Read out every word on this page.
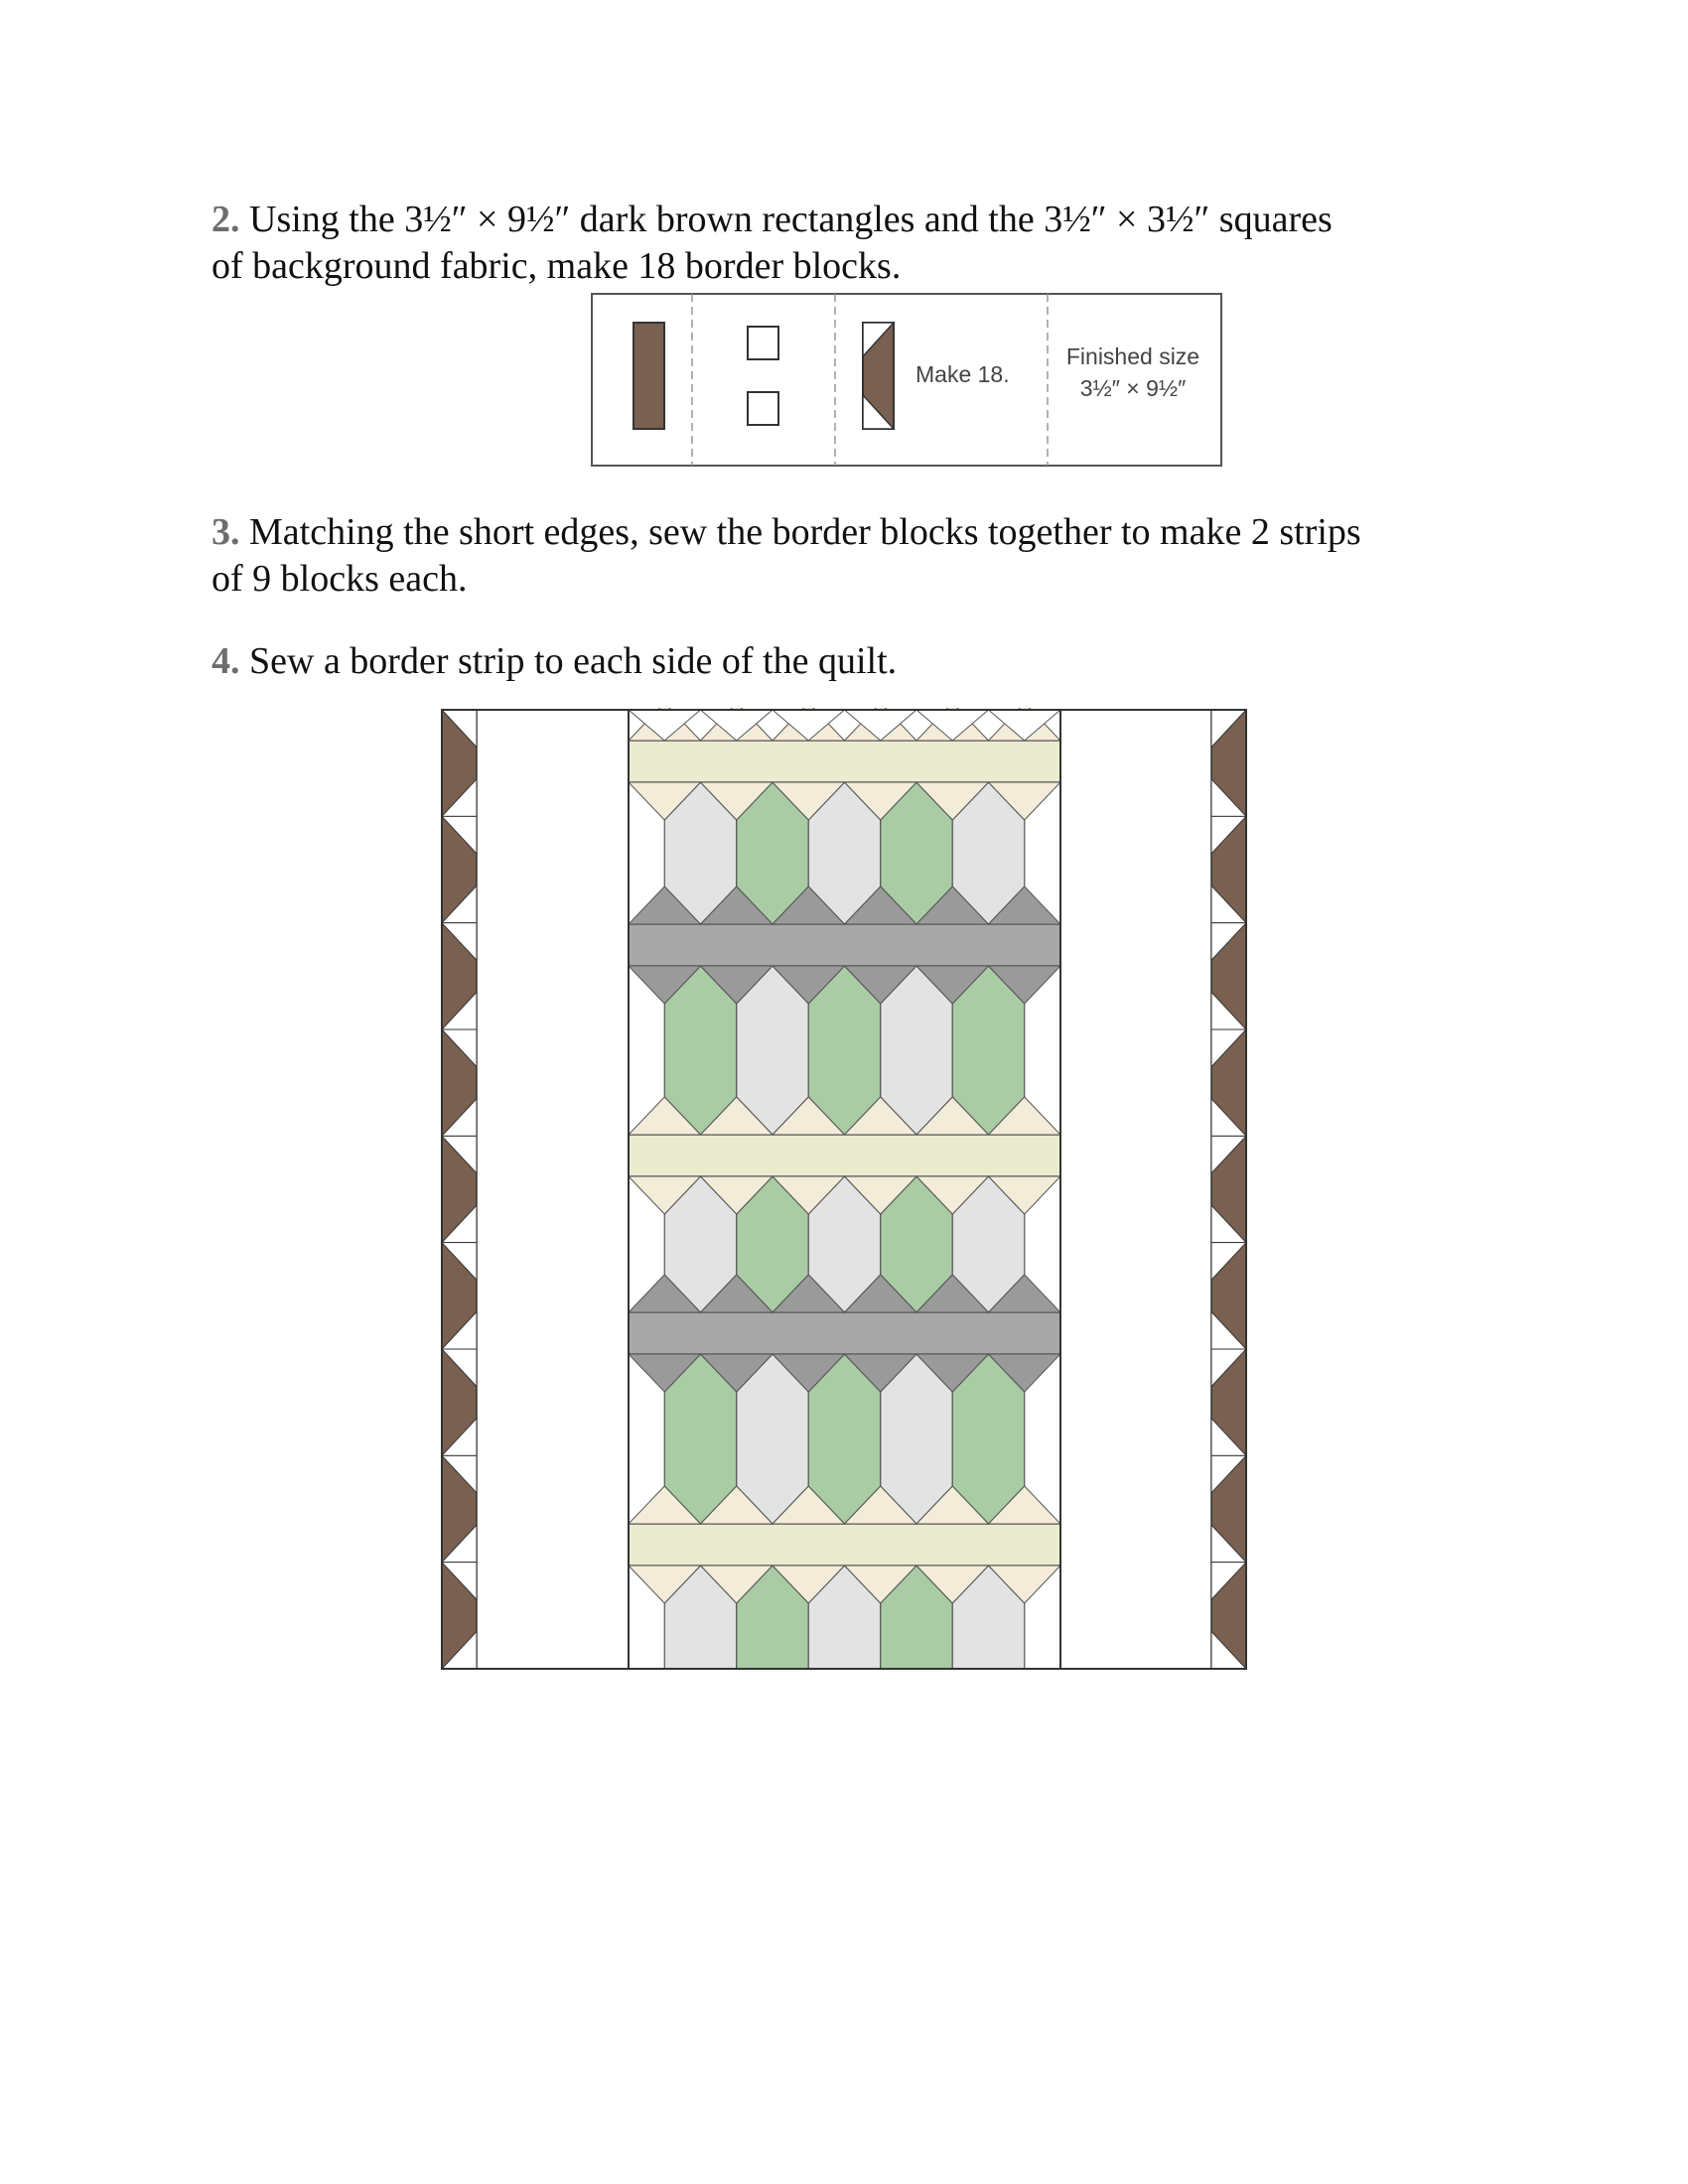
2. Using the 3½″ × 9½″ dark brown rectangles and the 3½″ × 3½″ squares
of background fabric, make 18 border blocks.

Make 18.
Finished size
3½″ × 9½″

3. Matching the short edges, sew the border blocks together to make 2 strips
of 9 blocks each.

4. Sew a border strip to each side of the quilt.
